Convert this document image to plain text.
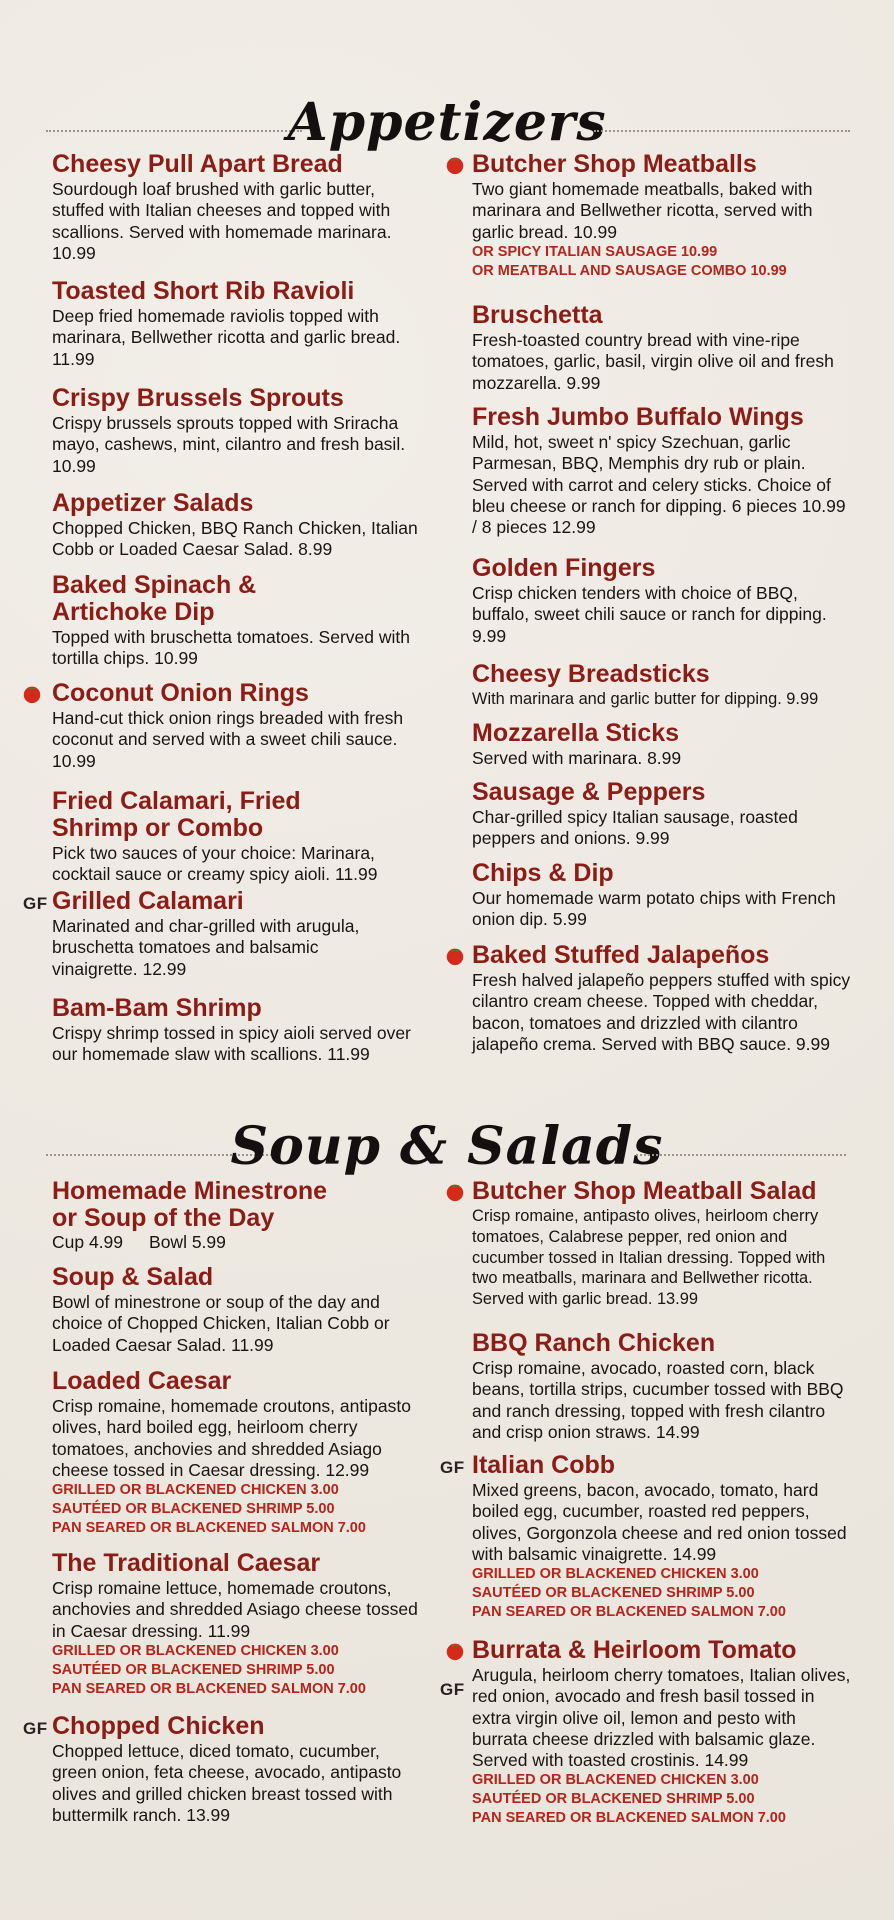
Appetizers
Cheesy Pull Apart Bread
Sourdough loaf brushed with garlic butter, stuffed with Italian cheeses and topped with scallions. Served with homemade marinara. 10.99
Toasted Short Rib Ravioli
Deep fried homemade raviolis topped with marinara, Bellwether ricotta and garlic bread. 11.99
Crispy Brussels Sprouts
Crispy brussels sprouts topped with Sriracha mayo, cashews, mint, cilantro and fresh basil. 10.99
Appetizer Salads
Chopped Chicken, BBQ Ranch Chicken, Italian Cobb or Loaded Caesar Salad. 8.99
Baked Spinach & Artichoke Dip
Topped with bruschetta tomatoes. Served with tortilla chips. 10.99
Coconut Onion Rings
Hand-cut thick onion rings breaded with fresh coconut and served with a sweet chili sauce. 10.99
Fried Calamari, Fried Shrimp or Combo
Pick two sauces of your choice: Marinara, cocktail sauce or creamy spicy aioli. 11.99
GF Grilled Calamari
Marinated and char-grilled with arugula, bruschetta tomatoes and balsamic vinaigrette. 12.99
Bam-Bam Shrimp
Crispy shrimp tossed in spicy aioli served over our homemade slaw with scallions. 11.99
Butcher Shop Meatballs
Two giant homemade meatballs, baked with marinara and Bellwether ricotta, served with garlic bread. 10.99
OR SPICY ITALIAN SAUSAGE 10.99
OR MEATBALL AND SAUSAGE COMBO 10.99
Bruschetta
Fresh-toasted country bread with vine-ripe tomatoes, garlic, basil, virgin olive oil and fresh mozzarella. 9.99
Fresh Jumbo Buffalo Wings
Mild, hot, sweet n' spicy Szechuan, garlic Parmesan, BBQ, Memphis dry rub or plain. Served with carrot and celery sticks. Choice of bleu cheese or ranch for dipping. 6 pieces 10.99 / 8 pieces 12.99
Golden Fingers
Crisp chicken tenders with choice of BBQ, buffalo, sweet chili sauce or ranch for dipping. 9.99
Cheesy Breadsticks
With marinara and garlic butter for dipping. 9.99
Mozzarella Sticks
Served with marinara. 8.99
Sausage & Peppers
Char-grilled spicy Italian sausage, roasted peppers and onions. 9.99
Chips & Dip
Our homemade warm potato chips with French onion dip. 5.99
Baked Stuffed Jalapeños
Fresh halved jalapeño peppers stuffed with spicy cilantro cream cheese. Topped with cheddar, bacon, tomatoes and drizzled with cilantro jalapeño crema. Served with BBQ sauce. 9.99
Soup & Salads
Homemade Minestrone or Soup of the Day
Cup 4.99 Bowl 5.99
Soup & Salad
Bowl of minestrone or soup of the day and choice of Chopped Chicken, Italian Cobb or Loaded Caesar Salad. 11.99
Loaded Caesar
Crisp romaine, homemade croutons, antipasto olives, hard boiled egg, heirloom cherry tomatoes, anchovies and shredded Asiago cheese tossed in Caesar dressing. 12.99
GRILLED OR BLACKENED CHICKEN 3.00
SAUTÉED OR BLACKENED SHRIMP 5.00
PAN SEARED OR BLACKENED SALMON 7.00
The Traditional Caesar
Crisp romaine lettuce, homemade croutons, anchovies and shredded Asiago cheese tossed in Caesar dressing. 11.99
GRILLED OR BLACKENED CHICKEN 3.00
SAUTÉED OR BLACKENED SHRIMP 5.00
PAN SEARED OR BLACKENED SALMON 7.00
GF Chopped Chicken
Chopped lettuce, diced tomato, cucumber, green onion, feta cheese, avocado, antipasto olives and grilled chicken breast tossed with buttermilk ranch. 13.99
Butcher Shop Meatball Salad
Crisp romaine, antipasto olives, heirloom cherry tomatoes, Calabrese pepper, red onion and cucumber tossed in Italian dressing. Topped with two meatballs, marinara and Bellwether ricotta. Served with garlic bread. 13.99
BBQ Ranch Chicken
Crisp romaine, avocado, roasted corn, black beans, tortilla strips, cucumber tossed with BBQ and ranch dressing, topped with fresh cilantro and crisp onion straws. 14.99
GF Italian Cobb
Mixed greens, bacon, avocado, tomato, hard boiled egg, cucumber, roasted red peppers, olives, Gorgonzola cheese and red onion tossed with balsamic vinaigrette. 14.99
GRILLED OR BLACKENED CHICKEN 3.00
SAUTÉED OR BLACKENED SHRIMP 5.00
PAN SEARED OR BLACKENED SALMON 7.00
GF
Burrata & Heirloom Tomato
Arugula, heirloom cherry tomatoes, Italian olives, red onion, avocado and fresh basil tossed in extra virgin olive oil, lemon and pesto with burrata cheese drizzled with balsamic glaze. Served with toasted crostinis. 14.99
GRILLED OR BLACKENED CHICKEN 3.00
SAUTÉED OR BLACKENED SHRIMP 5.00
PAN SEARED OR BLACKENED SALMON 7.00
